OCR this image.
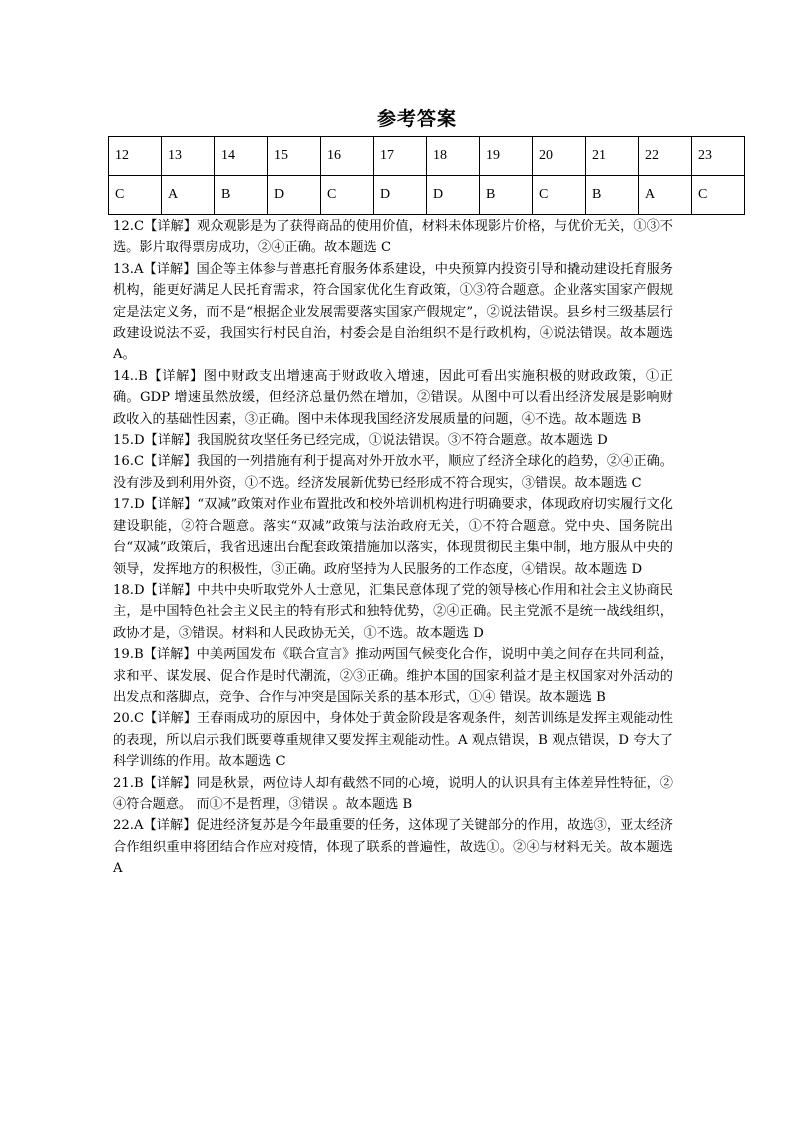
参考答案
12	13	14	15	16	17	18	19	20	21	22	23
C	A	B	D	C	D	D	B	C	B	A	C

12.C【详解】观众观影是为了获得商品的使用价值，材料未体现影片价格，与优价无关，①③不选。影片取得票房成功，②④正确。故本题选 C

13.A【详解】国企等主体参与普惠托育服务体系建设，中央预算内投资引导和撬动建设托育服务机构，能更好满足人民托育需求，符合国家优化生育政策，①③符合题意。企业落实国家产假规定是法定义务，而不是“根据企业发展需要落实国家产假规定”，②说法错误。县乡村三级基层行政建设说法不妥，我国实行村民自治，村委会是自治组织不是行政机构，④说法错误。故本题选 A。

14..B【详解】图中财政支出增速高于财政收入增速，因此可看出实施积极的财政政策，①正确。GDP 增速虽然放缓，但经济总量仍然在增加，②错误。从图中可以看出经济发展是影响财政收入的基础性因素，③正确。图中未体现我国经济发展质量的问题，④不选。故本题选 B

15.D【详解】我国脱贫攻坚任务已经完成，①说法错误。③不符合题意。故本题选 D

16.C【详解】我国的一列措施有利于提高对外开放水平，顺应了经济全球化的趋势，②④正确。没有涉及到利用外资，①不选。经济发展新优势已经形成不符合现实，③错误。故本题选 C

17.D【详解】“双减”政策对作业布置批改和校外培训机构进行明确要求，体现政府切实履行文化建设职能，②符合题意。落实“双减”政策与法治政府无关，①不符合题意。党中央、国务院出台“双减”政策后，我省迅速出台配套政策措施加以落实，体现贯彻民主集中制，地方服从中央的领导，发挥地方的积极性，③正确。政府坚持为人民服务的工作态度，④错误。故本题选 D

18.D【详解】中共中央听取党外人士意见，汇集民意体现了党的领导核心作用和社会主义协商民主，是中国特色社会主义民主的特有形式和独特优势，②④正确。民主党派不是统一战线组织，政协才是，③错误。材料和人民政协无关，①不选。故本题选 D

19.B【详解】中美两国发布《联合宣言》推动两国气候变化合作，说明中美之间存在共同利益，求和平、谋发展、促合作是时代潮流，②③正确。维护本国的国家利益才是主权国家对外活动的出发点和落脚点，竞争、合作与冲突是国际关系的基本形式，①④ 错误。故本题选 B

20.C【详解】王春雨成功的原因中，身体处于黄金阶段是客观条件，刻苦训练是发挥主观能动性的表现，所以启示我们既要尊重规律又要发挥主观能动性。A 观点错误，B 观点错误，D 夸大了科学训练的作用。故本题选 C

21.B【详解】同是秋景，两位诗人却有截然不同的心境，说明人的认识具有主体差异性特征，②④符合题意。 而①不是哲理，③错误 。故本题选 B

22.A【详解】促进经济复苏是今年最重要的任务，这体现了关键部分的作用，故选③，亚太经济合作组织重申将团结合作应对疫情，体现了联系的普遍性，故选①。②④与材料无关。故本题选 A
